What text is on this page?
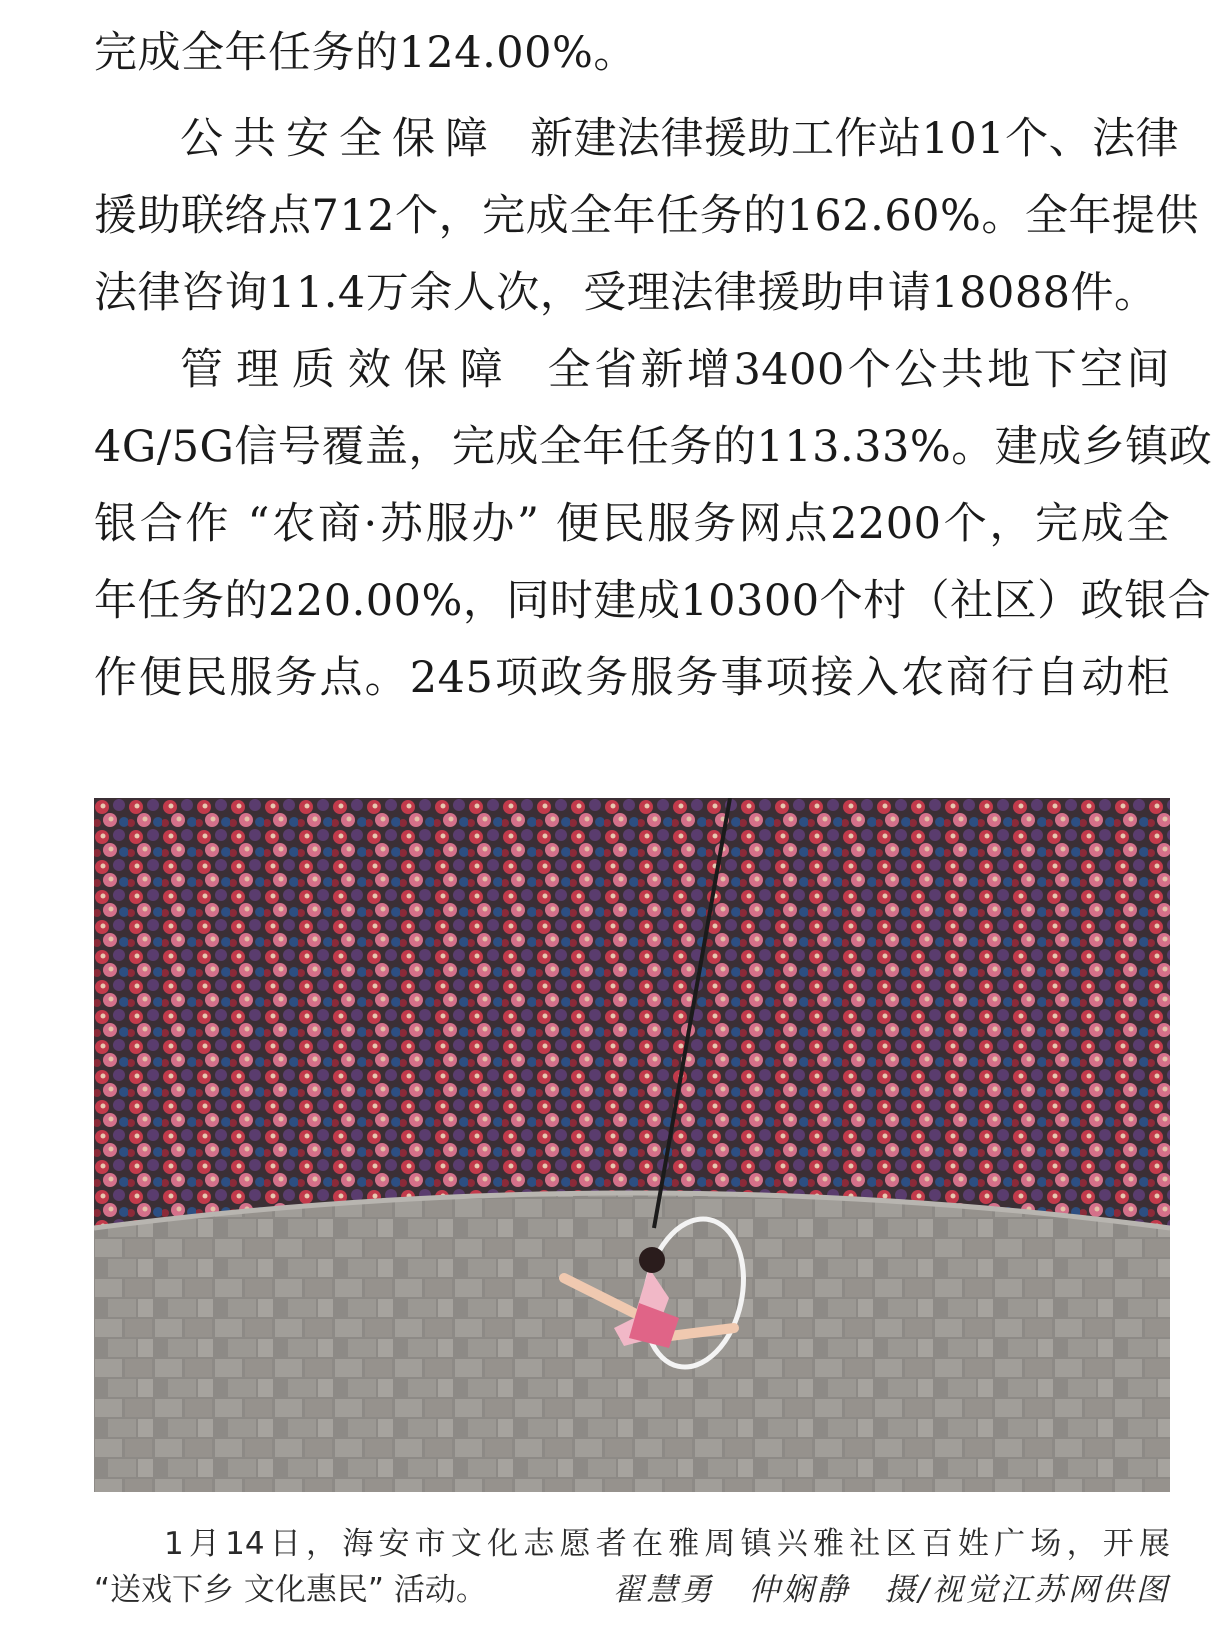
完成全年任务的124.00%。
公共安全保障 新建法律援助工作站101个、法律
援助联络点712个，完成全年任务的162.60%。全年提供
法律咨询11.4万余人次，受理法律援助申请18088件。
管理质效保障 全省新增3400个公共地下空间
4G/5G信号覆盖，完成全年任务的113.33%。建成乡镇政
银合作 “农商·苏服办” 便民服务网点2200个，完成全
年任务的220.00%，同时建成10300个村（社区）政银合
作便民服务点。245项政务服务事项接入农商行自动柜
1月14日，海安市文化志愿者在雅周镇兴雅社区百姓广场，开展
“送戏下乡 文化惠民” 活动。	翟慧勇　仲娴静　摄/视觉江苏网供图
